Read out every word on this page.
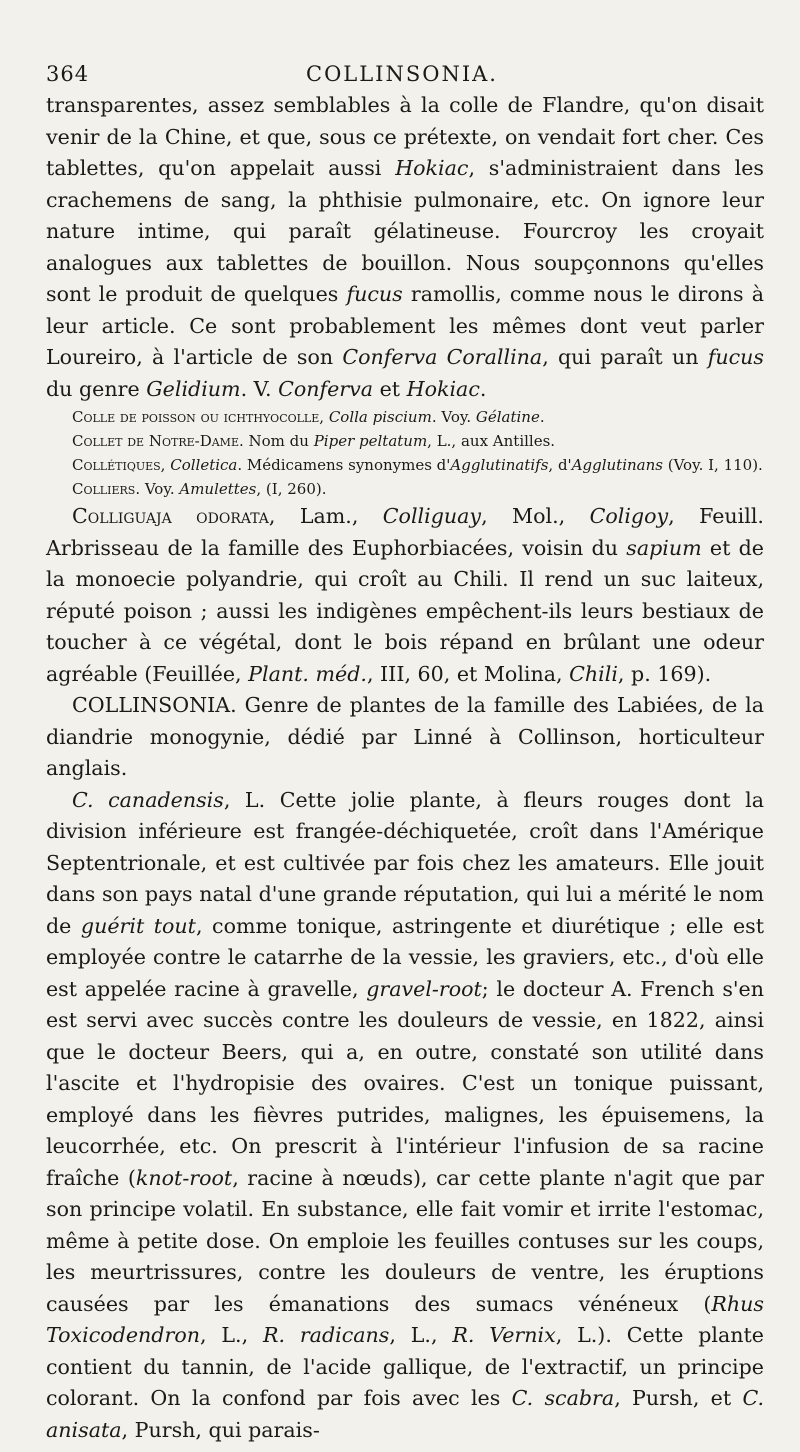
364	COLLINSONIA.

transparentes, assez semblables à la colle de Flandre, qu'on disait venir de la Chine, et que, sous ce prétexte, on vendait fort cher. Ces tablettes, qu'on appelait aussi Hokiac, s'administraient dans les crachemens de sang, la phthisie pulmonaire, etc. On ignore leur nature intime, qui paraît gélatineuse. Fourcroy les croyait analogues aux tablettes de bouillon. Nous soupçonnons qu'elles sont le produit de quelques fucus ramollis, comme nous le dirons à leur article. Ce sont probablement les mêmes dont veut parler Loureiro, à l'article de son Conferva Corallina, qui paraît un fucus du genre Gelidium. V. Conferva et Hokiac.

Colle de poisson ou ichthyocolle, Colla piscium. Voy. Gélatine.

Collet de Notre-Dame. Nom du Piper peltatum, L., aux Antilles.

Collétiques, Colletica. Médicamens synonymes d'Agglutinatifs, d'Agglutinans (Voy. I, 110).

Colliers. Voy. Amulettes, (I, 260).

Colliguaja odorata, Lam., Colliguay, Mol., Coligoy, Feuill. Arbrisseau de la famille des Euphorbiacées, voisin du sapium et de la monoecie polyandrie, qui croît au Chili. Il rend un suc laiteux, réputé poison ; aussi les indigènes empêchent-ils leurs bestiaux de toucher à ce végétal, dont le bois répand en brûlant une odeur agréable (Feuillée, Plant. méd., III, 60, et Molina, Chili, p. 169).

COLLINSONIA. Genre de plantes de la famille des Labiées, de la diandrie monogynie, dédié par Linné à Collinson, horticulteur anglais.

C. canadensis, L. Cette jolie plante, à fleurs rouges dont la division inférieure est frangée-déchiquetée, croît dans l'Amérique Septentrionale, et est cultivée par fois chez les amateurs. Elle jouit dans son pays natal d'une grande réputation, qui lui a mérité le nom de guérit tout, comme tonique, astringente et diurétique ; elle est employée contre le catarrhe de la vessie, les graviers, etc., d'où elle est appelée racine à gravelle, gravel-root; le docteur A. French s'en est servi avec succès contre les douleurs de vessie, en 1822, ainsi que le docteur Beers, qui a, en outre, constaté son utilité dans l'ascite et l'hydropisie des ovaires. C'est un tonique puissant, employé dans les fièvres putrides, malignes, les épuisemens, la leucorrhée, etc. On prescrit à l'intérieur l'infusion de sa racine fraîche (knot-root, racine à nœuds), car cette plante n'agit que par son principe volatil. En substance, elle fait vomir et irrite l'estomac, même à petite dose. On emploie les feuilles contuses sur les coups, les meurtrissures, contre les douleurs de ventre, les éruptions causées par les émanations des sumacs vénéneux (Rhus Toxicodendron, L., R. radicans, L., R. Vernix, L.). Cette plante contient du tannin, de l'acide gallique, de l'extractif, un principe colorant. On la confond par fois avec les C. scabra, Pursh, et C. anisata, Pursh, qui parais-
